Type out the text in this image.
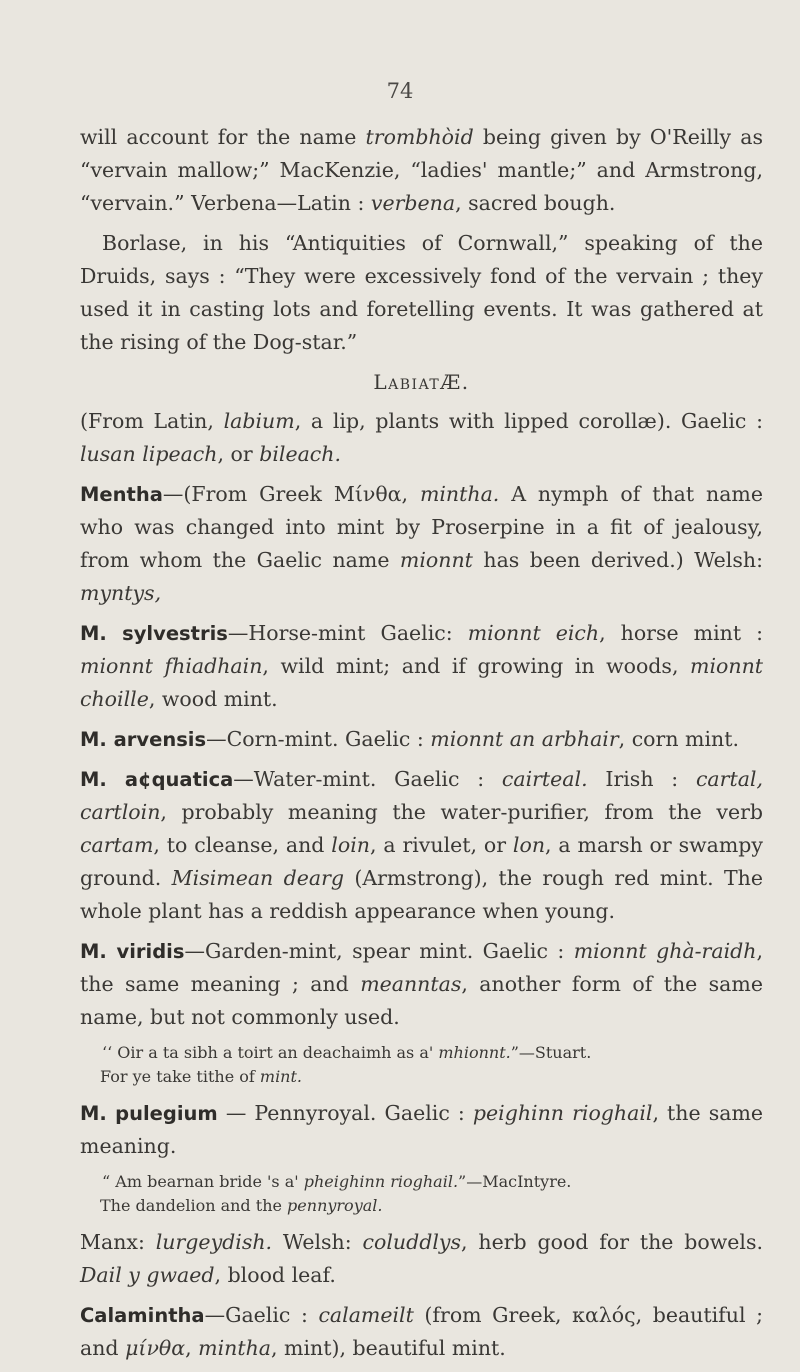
74

will account for the name trombhòid being given by O'Reilly as “vervain mallow;” MacKenzie, “ladies' mantle;” and Armstrong, “vervain.” Verbena—Latin : verbena, sacred bough.

Borlase, in his “Antiquities of Cornwall,” speaking of the Druids, says : “They were excessively fond of the vervain ; they used it in casting lots and foretelling events. It was gathered at the rising of the Dog-star.”

LabiatÆ.

(From Latin, labium, a lip, plants with lipped corollæ). Gaelic : lusan lipeach, or bileach.

Mentha—(From Greek Μίνθα, mintha. A nymph of that name who was changed into mint by Proserpine in a fit of jealousy, from whom the Gaelic name mionnt has been derived.) Welsh: myntys,

M. sylvestris—Horse-mint Gaelic: mionnt eich, horse mint : mionnt fhiadhain, wild mint; and if growing in woods, mionnt choille, wood mint.

M. arvensis—Corn-mint. Gaelic : mionnt an arbhair, corn mint.

M. a¢quatica—Water-mint. Gaelic : cairteal. Irish : cartal, cartloin, probably meaning the water-purifier, from the verb cartam, to cleanse, and loin, a rivulet, or lon, a marsh or swampy ground. Misimean dearg (Armstrong), the rough red mint. The whole plant has a reddish appearance when young.

M. viridis—Garden-mint, spear mint. Gaelic : mionnt ghà-raidh, the same meaning ; and meanntas, another form of the same name, but not commonly used.

‘‘ Oir a ta sibh a toirt an deachaimh as a' mhionnt.”—Stuart.
For ye take tithe of mint.

M. pulegium — Pennyroyal. Gaelic : peighinn rioghail, the same meaning.

“ Am bearnan bride 's a' pheighinn rioghail.”—MacIntyre.
The dandelion and the pennyroyal.

Manx: lurgeydish. Welsh: coluddlys, herb good for the bowels. Dail y gwaed, blood leaf.

Calamintha—Gaelic : calameilt (from Greek, καλός, beautiful ; and μίνθα, mintha, mint), beautiful mint.
